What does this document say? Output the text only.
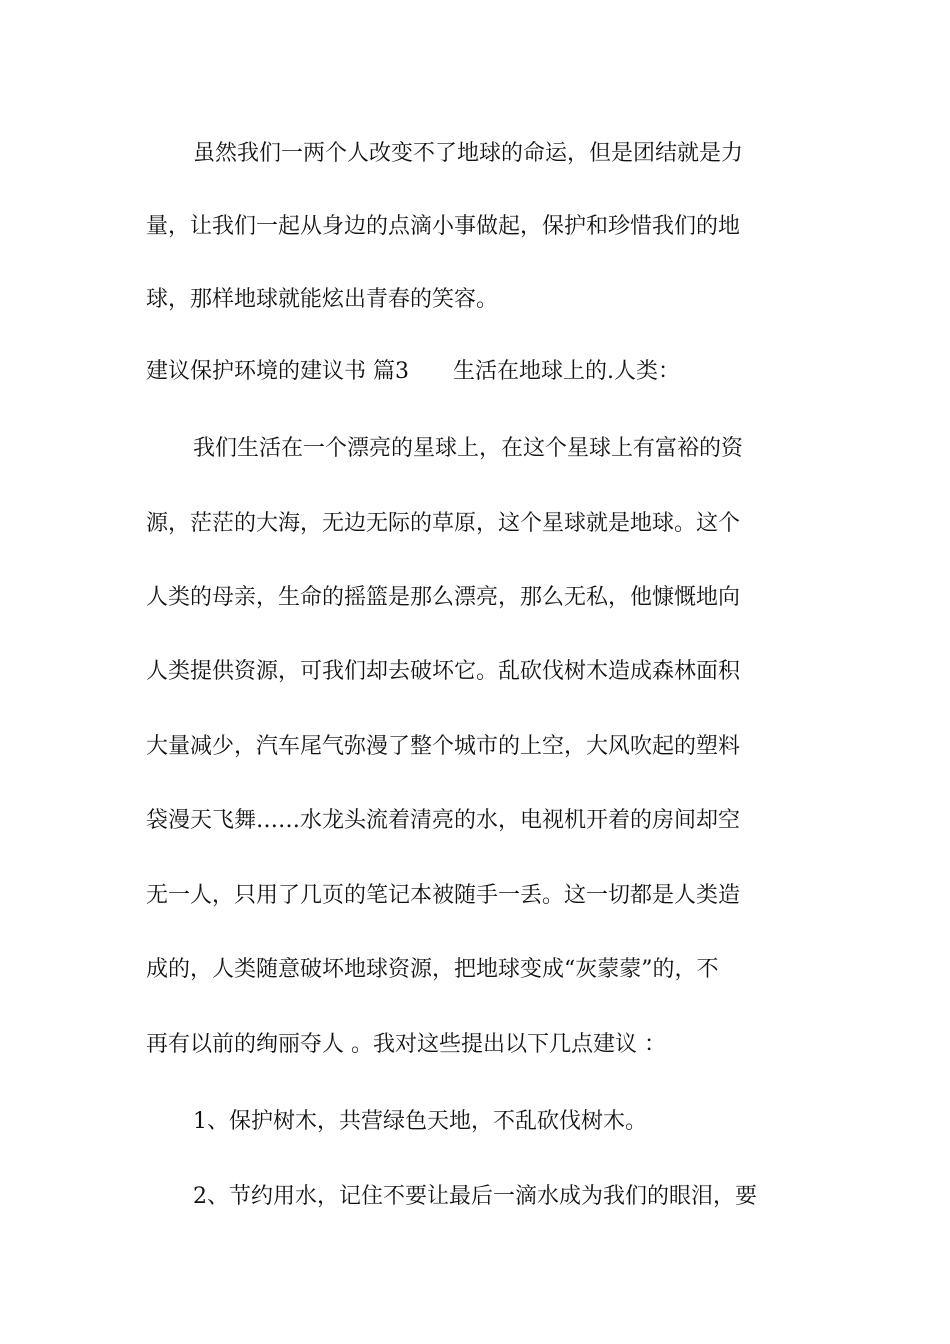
虽然我们一两个人改变不了地球的命运，但是团结就是力
量，让我们一起从身边的点滴小事做起，保护和珍惜我们的地
球，那样地球就能炫出青春的笑容。
建议保护环境的建议书 篇3 生活在地球上的.人类：
我们生活在一个漂亮的星球上，在这个星球上有富裕的资
源，茫茫的大海，无边无际的草原，这个星球就是地球。这个
人类的母亲，生命的摇篮是那么漂亮，那么无私，他慷慨地向
人类提供资源，可我们却去破坏它。乱砍伐树木造成森林面积
大量减少，汽车尾气弥漫了整个城市的上空，大风吹起的塑料
袋漫天飞舞……水龙头流着清亮的水，电视机开着的房间却空
无一人，只用了几页的笔记本被随手一丢。这一切都是人类造
成的，人类随意破坏地球资源，把地球变成“灰蒙蒙”的，不
再有以前的绚丽夺人 。我对这些提出以下几点建议 ：
1、保护树木，共营绿色天地，不乱砍伐树木。
2、节约用水，记住不要让最后一滴水成为我们的眼泪，要
